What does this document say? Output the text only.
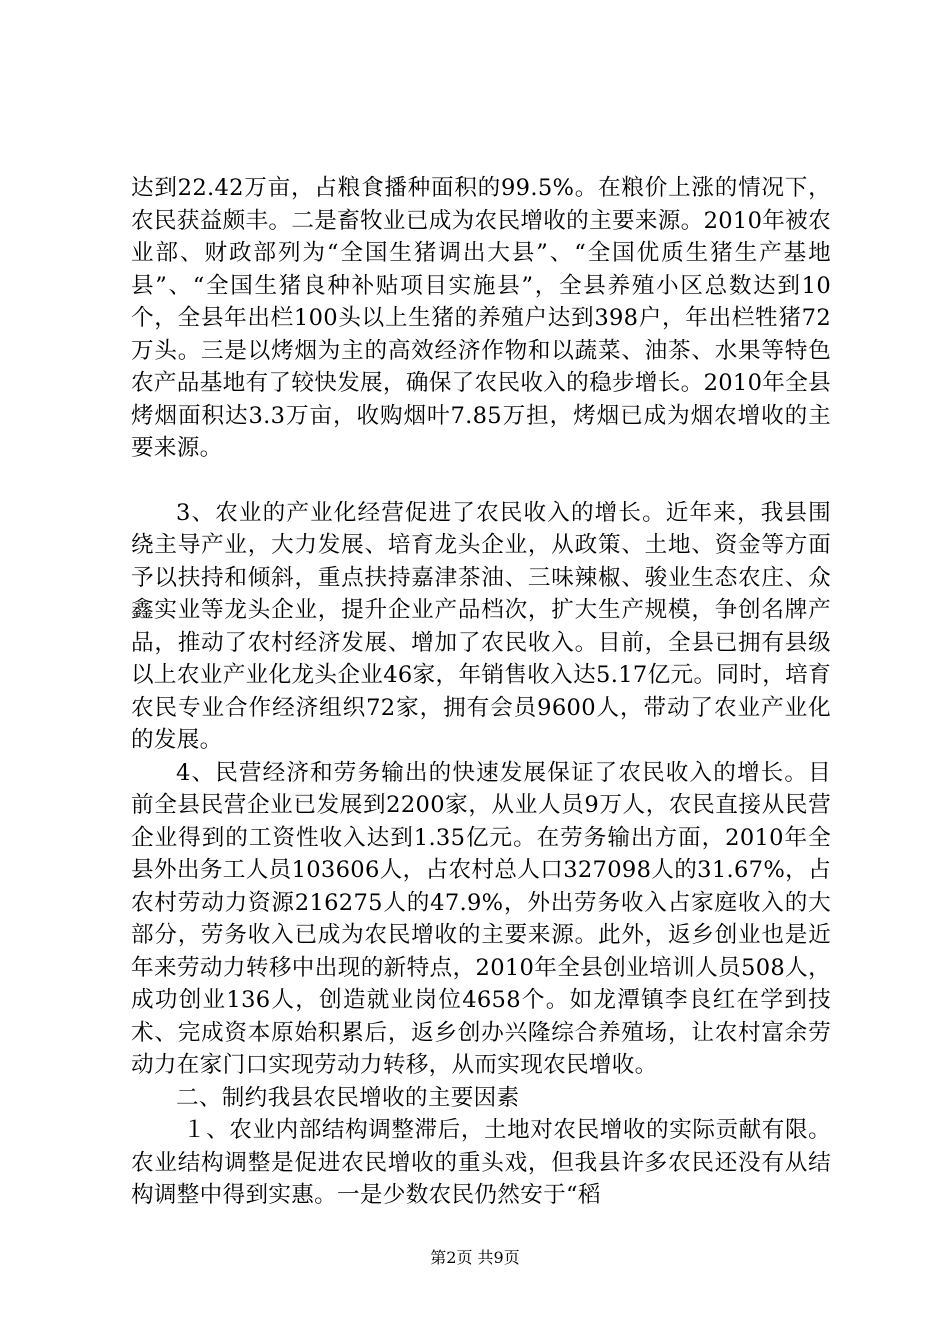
达到22.42万亩，占粮食播种面积的99.5%。在粮价上涨的情况下，农民获益颇丰。二是畜牧业已成为农民增收的主要来源。2010年被农业部、财政部列为“全国生猪调出大县”、“全国优质生猪生产基地县”、“全国生猪良种补贴项目实施县”，全县养殖小区总数达到10个，全县年出栏100头以上生猪的养殖户达到398户，年出栏牲猪72万头。三是以烤烟为主的高效经济作物和以蔬菜、油茶、水果等特色农产品基地有了较快发展，确保了农民收入的稳步增长。2010年全县烤烟面积达3.3万亩，收购烟叶7.85万担，烤烟已成为烟农增收的主要来源。

3、农业的产业化经营促进了农民收入的增长。近年来，我县围绕主导产业，大力发展、培育龙头企业，从政策、土地、资金等方面予以扶持和倾斜，重点扶持嘉津茶油、三味辣椒、骏业生态农庄、众鑫实业等龙头企业，提升企业产品档次，扩大生产规模，争创名牌产品，推动了农村经济发展、增加了农民收入。目前，全县已拥有县级以上农业产业化龙头企业46家，年销售收入达5.17亿元。同时，培育农民专业合作经济组织72家，拥有会员9600人，带动了农业产业化的发展。

4、民营经济和劳务输出的快速发展保证了农民收入的增长。目前全县民营企业已发展到2200家，从业人员9万人，农民直接从民营企业得到的工资性收入达到1.35亿元。在劳务输出方面，2010年全县外出务工人员103606人，占农村总人口327098人的31.67%，占农村劳动力资源216275人的47.9%，外出劳务收入占家庭收入的大部分，劳务收入已成为农民增收的主要来源。此外，返乡创业也是近年来劳动力转移中出现的新特点，2010年全县创业培训人员508人，成功创业136人，创造就业岗位4658个。如龙潭镇李良红在学到技术、完成资本原始积累后，返乡创办兴隆综合养殖场，让农村富余劳动力在家门口实现劳动力转移，从而实现农民增收。

二、制约我县农民增收的主要因素

１、农业内部结构调整滞后，土地对农民增收的实际贡献有限。农业结构调整是促进农民增收的重头戏，但我县许多农民还没有从结构调整中得到实惠。一是少数农民仍然安于“稻

第2页 共9页
